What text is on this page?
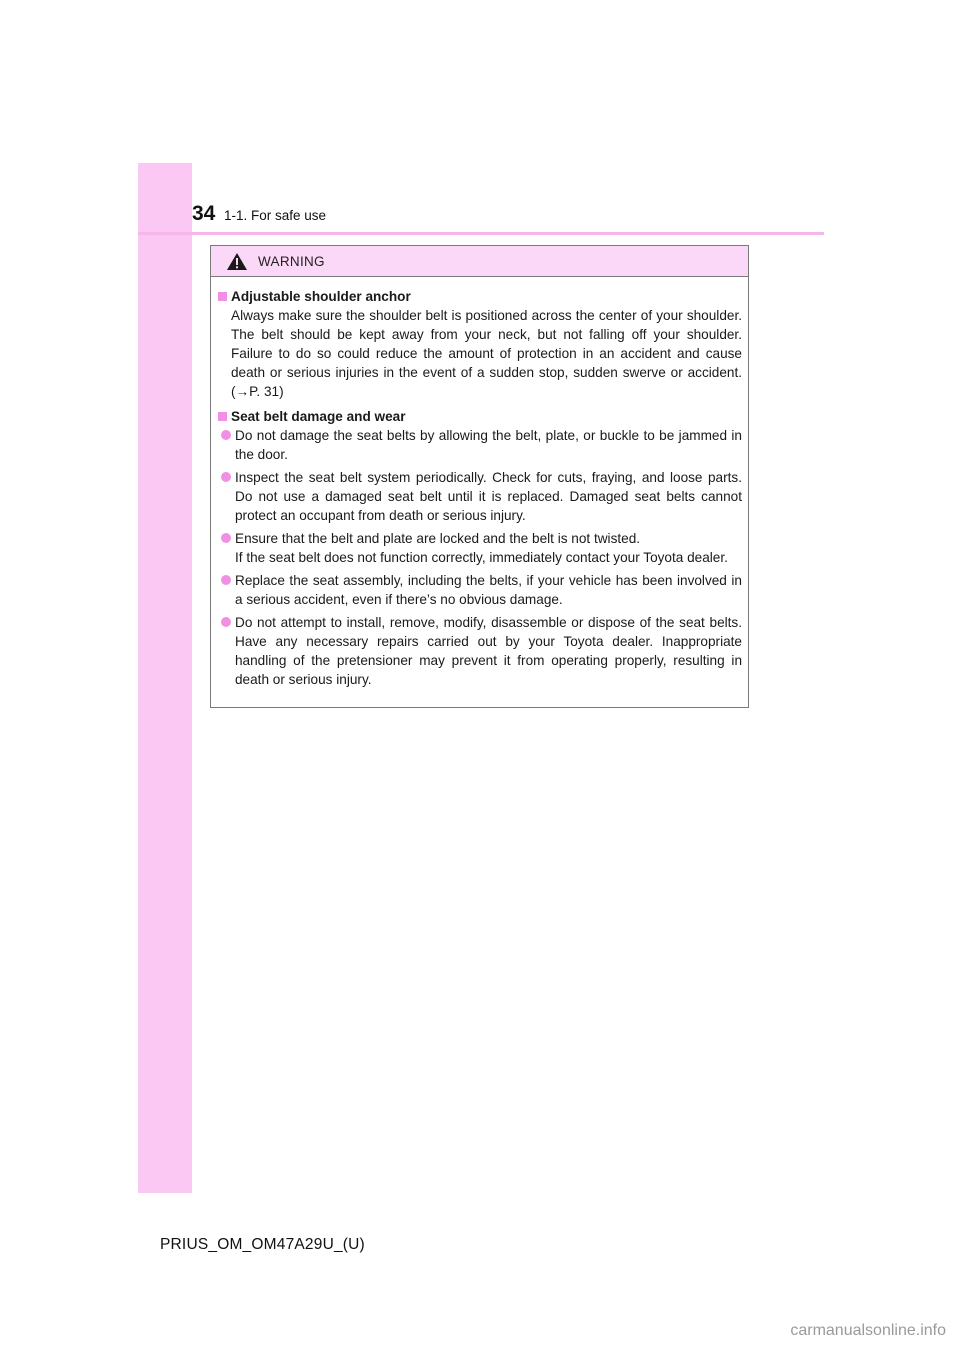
34 1-1. For safe use
WARNING
Adjustable shoulder anchor
Always make sure the shoulder belt is positioned across the center of your shoulder. The belt should be kept away from your neck, but not falling off your shoulder. Failure to do so could reduce the amount of protection in an accident and cause death or serious injuries in the event of a sudden stop, sudden swerve or accident. (→P. 31)
Seat belt damage and wear
Do not damage the seat belts by allowing the belt, plate, or buckle to be jammed in the door.
Inspect the seat belt system periodically. Check for cuts, fraying, and loose parts. Do not use a damaged seat belt until it is replaced. Damaged seat belts cannot protect an occupant from death or serious injury.
Ensure that the belt and plate are locked and the belt is not twisted.
If the seat belt does not function correctly, immediately contact your Toyota dealer.
Replace the seat assembly, including the belts, if your vehicle has been involved in a serious accident, even if there’s no obvious damage.
Do not attempt to install, remove, modify, disassemble or dispose of the seat belts. Have any necessary repairs carried out by your Toyota dealer. Inappropriate handling of the pretensioner may prevent it from operating properly, resulting in death or serious injury.
PRIUS_OM_OM47A29U_(U)
carmanualsonline.info
